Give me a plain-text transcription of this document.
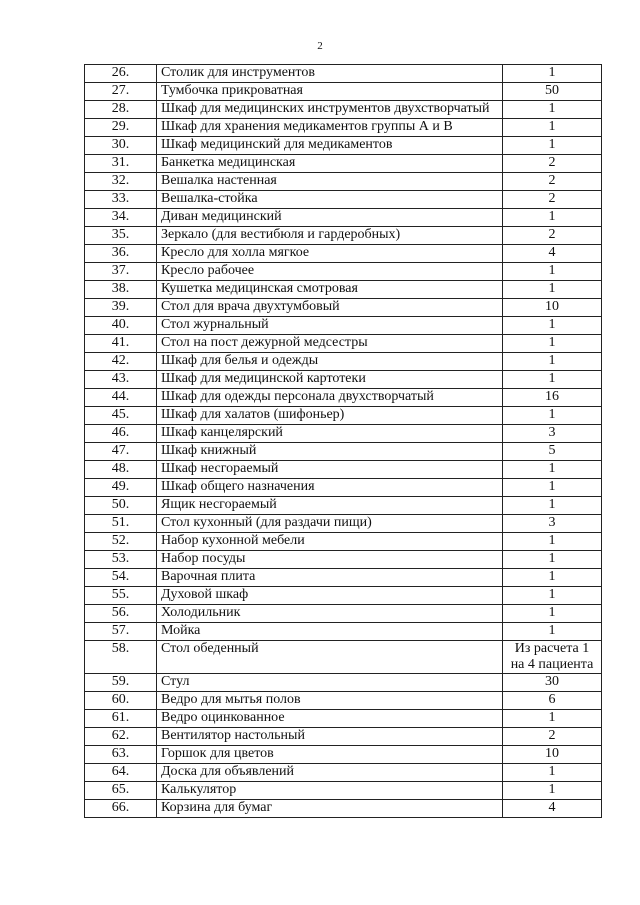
2
26.	Столик для инструментов	1
27.	Тумбочка прикроватная	50
28.	Шкаф для медицинских инструментов двухстворчатый	1
29.	Шкаф для хранения медикаментов группы А и В	1
30.	Шкаф медицинский для медикаментов	1
31.	Банкетка медицинская	2
32.	Вешалка настенная	2
33.	Вешалка-стойка	2
34.	Диван медицинский	1
35.	Зеркало (для вестибюля и гардеробных)	2
36.	Кресло для холла мягкое	4
37.	Кресло рабочее	1
38.	Кушетка медицинская смотровая	1
39.	Стол для врача двухтумбовый	10
40.	Стол журнальный	1
41.	Стол на пост дежурной медсестры	1
42.	Шкаф для белья и одежды	1
43.	Шкаф для медицинской картотеки	1
44.	Шкаф для одежды персонала двухстворчатый	16
45.	Шкаф для халатов (шифоньер)	1
46.	Шкаф канцелярский	3
47.	Шкаф книжный	5
48.	Шкаф несгораемый	1
49.	Шкаф общего назначения	1
50.	Ящик несгораемый	1
51.	Стол кухонный (для раздачи пищи)	3
52.	Набор кухонной мебели	1
53.	Набор посуды	1
54.	Варочная плита	1
55.	Духовой шкаф	1
56.	Холодильник	1
57.	Мойка	1
58.	Стол обеденный	Из расчета 1 на 4 пациента
59.	Стул	30
60.	Ведро для мытья полов	6
61.	Ведро оцинкованное	1
62.	Вентилятор настольный	2
63.	Горшок для цветов	10
64.	Доска для объявлений	1
65.	Калькулятор	1
66.	Корзина для бумаг	4
